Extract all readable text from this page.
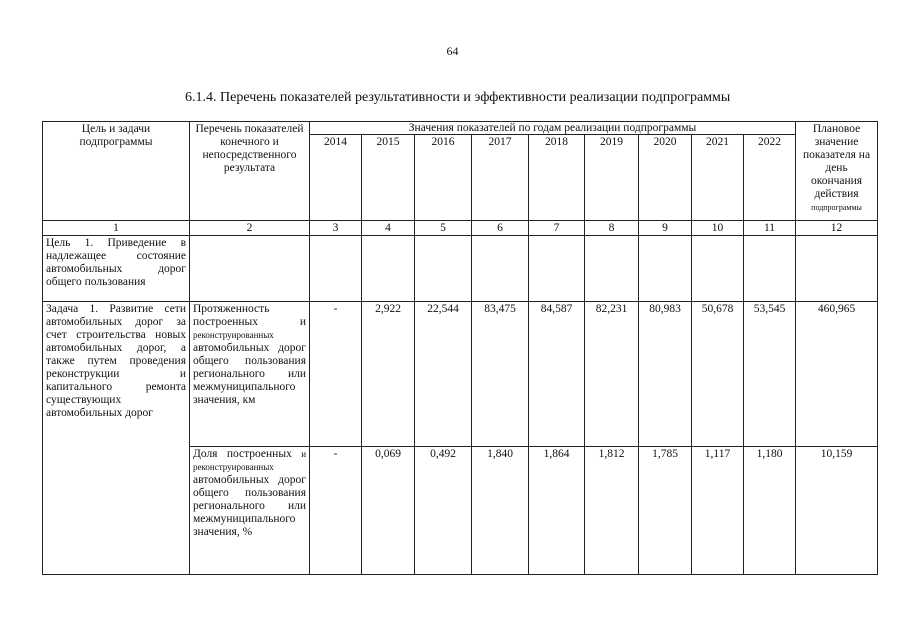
64
6.1.4. Перечень показателей результативности и эффективности реализации подпрограммы
Цель и задачи подпрограммы	Перечень показателей конечного и непосредственного результата	Значения показателей по годам реализации подпрограммы									Плановое значение показателя на день окончания действия
подпрограммы
		2014	2015	2016	2017	2018	2019	2020	2021	2022	
1	2	3	4	5	6	7	8	9	10	11	12
Цель 1. Приведение в надлежащее состояние автомобильных дорог общего пользования											
Задача 1. Развитие сети автомобильных дорог за счет строительства новых автомобильных дорог, а также путем проведения реконструкции и капитального ремонта существующих автомобильных дорог	Протяженность построенных и реконструированных автомобильных дорог общего пользования регионального или межмуниципального значения, км	-	2,922	22,544	83,475	84,587	82,231	80,983	50,678	53,545	460,965
	Доля построенных и реконструированных автомобильных дорог общего пользования регионального или межмуниципального значения, %	-	0,069	0,492	1,840	1,864	1,812	1,785	1,117	1,180	10,159
